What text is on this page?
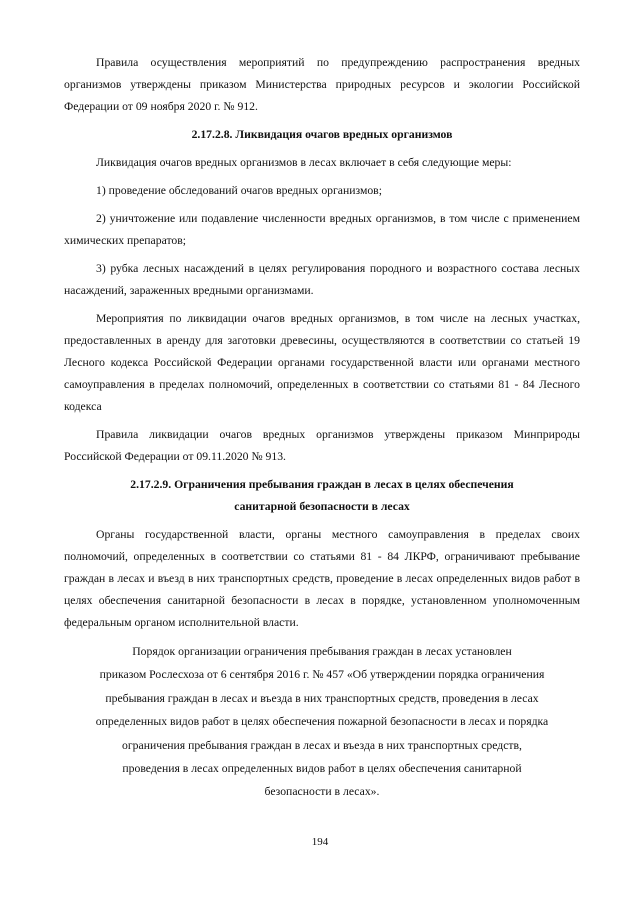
Правила осуществления мероприятий по предупреждению распространения вредных организмов утверждены приказом Министерства природных ресурсов и экологии Российской Федерации от 09 ноября 2020 г. № 912.

2.17.2.8. Ликвидация очагов вредных организмов

Ликвидация очагов вредных организмов в лесах включает в себя следующие меры:

1) проведение обследований очагов вредных организмов;

2) уничтожение или подавление численности вредных организмов, в том числе с применением химических препаратов;

3) рубка лесных насаждений в целях регулирования породного и возрастного состава лесных насаждений, зараженных вредными организмами.

Мероприятия по ликвидации очагов вредных организмов, в том числе на лесных участках, предоставленных в аренду для заготовки древесины, осуществляются в соответствии со статьей 19 Лесного кодекса Российской Федерации органами государственной власти или органами местного самоуправления в пределах полномочий, определенных в соответствии со статьями 81 - 84 Лесного кодекса

Правила ликвидации очагов вредных организмов утверждены приказом Минприроды Российской Федерации от 09.11.2020 № 913.

2.17.2.9. Ограничения пребывания граждан в лесах в целях обеспечения

санитарной безопасности в лесах

Органы государственной власти, органы местного самоуправления в пределах своих полномочий, определенных в соответствии со статьями 81 - 84 ЛКРФ, ограничивают пребывание граждан в лесах и въезд в них транспортных средств, проведение в лесах определенных видов работ в целях обеспечения санитарной безопасности в лесах в порядке, установленном уполномоченным федеральным органом исполнительной власти.

Порядок организации ограничения пребывания граждан в лесах установлен

приказом Рослесхоза от 6 сентября 2016 г. № 457 «Об утверждении порядка ограничения

пребывания граждан в лесах и въезда в них транспортных средств, проведения в лесах

определенных видов работ в целях обеспечения пожарной безопасности в лесах и порядка

ограничения пребывания граждан в лесах и въезда в них транспортных средств,

проведения в лесах определенных видов работ в целях обеспечения санитарной

безопасности в лесах».

194
